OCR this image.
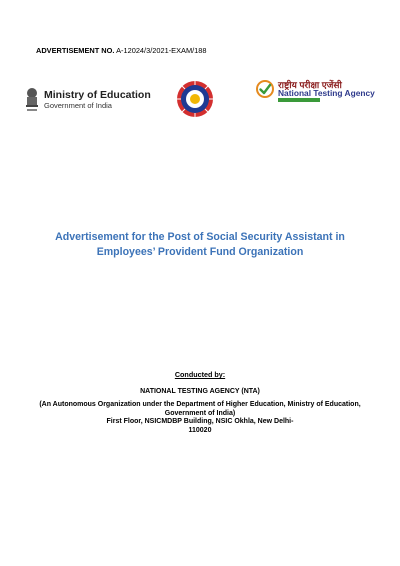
ADVERTISEMENT NO. A-12024/3/2021-EXAM/188
Ministry of Education
Government of India
राष्ट्रीय परीक्षा एजेंसी
National Testing Agency
Advertisement for the Post of Social Security Assistant in
Employees’ Provident Fund Organization
Conducted by:
NATIONAL TESTING AGENCY (NTA)
(An Autonomous Organization under the Department of Higher Education, Ministry of Education,
Government of India)
First Floor, NSICMDBP Building, NSIC Okhla, New Delhi-
110020
